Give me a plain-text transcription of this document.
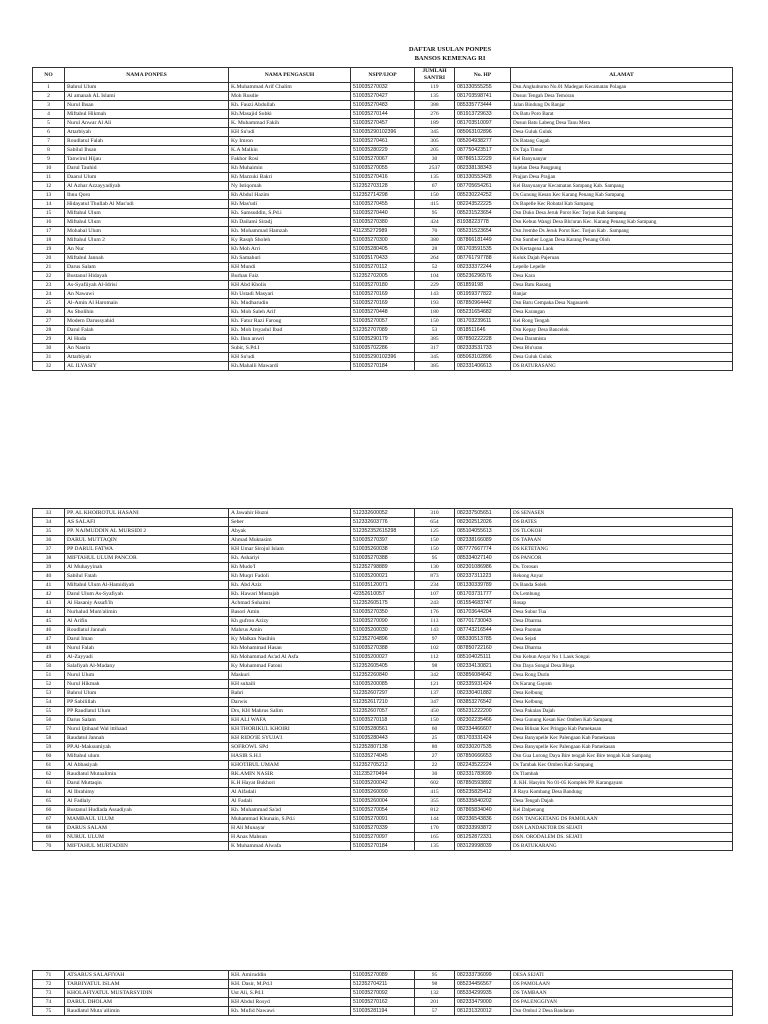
DAFTAR USULAN PONPES
BANSOS KEMENAG RI
NO	NAMA PONPES	NAMA PENGASUH	NSPP/IJOP	JUMLAH SANTRI	No. HP	ALAMAT
1	Bahrul Ulum	K.Muhammad Arif Chalim	510035270032	119	081330555255	Dsn.Angkuburno No.01 Madegan Kecamatan Polagan
2	Al amanah AL Islami	Moh Rusdie	510035270427	135	081703598741	Dusun Tengah Desa Temoran
3	Nurul Ihsan	Kh. Fauzi Abdullah	510035270483	388	085335773444	Jalan Bindung Ds Banjar
4	Miftahul Hikmah	Kh.Masajid Subki	510035270144	276	081913729633	Ds Batu Poro Barat
5	Nurul Anwar Al Ali	K. Muhammad Fakih	510035270457	189	081703510097	Dusun Batu Labeng Desa Tanu Mera
6	Attarbiyah	KH Su'udi	510035290102396	345	085063102896	Desa Guluk Guluk
7	Roudlatul Falah	Ky Imron	510035270461	305	085204938277	Ds Batang Gagah
8	Sabilul Ihsan	K.A Malkin	510035280229	205	087750423517	Ds Taja Timur
9	Tanwirul Hijau	Fakhor Rosi	510035270067	30	087865132229	Kel Banyuanyar
10	Darul Tauhid	Kh Muhaimin	510035270055	2537	082338138343	Injelan Desa Pangpung
11	Daarul Ulum	Kh Marzuki Bakri	510035270416	135	081330553428	Prajjan Desa Prajjan
12	Al Azhar Azzayyadiyah	Ny Istiqomah	512352703128	67	087705654261	Kel Banyuanyar Kecamatan Sampang Kab. Sampang
13	Ihnu Qoro	Kh Abdul Hazim	512352714298	150	085230224252	Ds Gunung Kesan Kec Karang Penang Kab Sampang
14	Hidayatul Thullab Al Mas'udi	Kh Mas'udi	510035270455	415	082243522225	Ds Bapelle Kec Robatal Kab Sampang
15	Miftahul Ulum	Kh. Samsuddin, S.Pd.i	510035270440	95	085231523654	Dsn Duko Desa Jeruk Porot Kec Torjun Kab Sampang
16	Miftahul Ulum	Kh Dailami Siradj	510035270380	424	81938223778	Dsn Kebun Wangi Desa Blu'uran Kec. Karang Penang Kab Sampang
17	Mohabal Ulum	Kh. Mohammad Hamzah	411235272989	70	085231523654	Dsn Jrembe Ds Jeruk Porot Kec. Torjun Kab . Sampang
18	Miftahul Ulum 2	Ky Rasqh Sholeh	510035270300	380	087866181449	Dsn Sumber Logan Desa Karang Penang Oloh
19	An Nur	Kh Moh Arri	510035280405	28	081703591535	Ds Kertagena Laok
20	Miftahul Jannah	Kh Samahuri	510035170433	264	087761797788	Kolok Dajah Pajeruan
21	Darus Salam	KH Mundi	510035270112	52	082333372244	Lepelle Lepelle
22	Bustanul Hidayah	Burhan Faiz	512352702005	104	085236296576	Desa Kara
23	As-Syafiiyah Al-Idrisi	KH Abd Kholis	510035270180	229	081859198	Desa Batu Rasang
24	An Nawawi	Kh Ustadi Masyari	510035270169	143	081959377822	Banjar
25	Al-Amin Al Haromain	Kh. Mudharudin	510035270169	193	087850964442	Dsn Baru Cempaka Desa Nagasareh
26	As Sholihin	Kh. Moh Saleh Arif	510035270448	180	085231654682	Desa Karangan
27	Modern Darussyahid	Kh. Fatur Razi Faroug	510035270057	150	081703239611	Kel Rong Tengah
28	Darul Falah	Kh. Moh Irsyadul Ibad	512352707089	53	0818511646	Dsn Kepay Desa Bancelok
29	Al Huda	Kh. Ihsn anwri	510035290179	385	087850222228	Desa Daramista
30	An Nasrin	Subir, S.Pd.I	510035702286	317	082333531733	Desa Blu'uran
31	Attarbiyah	KH Su'udi	510035290102396	345	085063102896	Desa Guluk Guluk
32	AL ILYASIY	Kh.Mahalli Mawardi	510035270184	385	082331406613	DS BATURASANG
33	PP. AL KHOIROTUL HASANI	A Jawahir Huzni	512332600052	310	082337505651	DS SENASEN
34	AS SALAFI	Seber	512332603776	654	082302512026	DS BATES
35	PP. NAJMUDDIN AL MURSIDI 2	Abyak	512352352615298	125	085104055613	DS TLOKOH
36	DARUL MUTTAQIN	Ahmad Muktasim	510035270397	150	082338166089	DS TAPAAN
37	PP DARUL FATWA	KH Umar Sirojul Islam	510035260038	150	087777667774	DS KETETANG
38	MIFTAHUL ULUM PANCOR	Kh. Ashariyi	510035270388	95	085334027140	DS PANCOR
39	Al Muhayyinah	Kh Mudo'I	512352798889	130	082301086986	Ds. Torosan
40	Sabilul Fatah	Kh Muqri Fadoli	510035200021	873	082337311223	Rekong Anyar
41	Miftahul Ulum Al-Hamidiyah	Kh. Abd Aziz	510035120071	234	081330339789	Ds Banda Soleh
42	Darul Ulum As-Syafiyah	Kh. Hawari Mustajab	42352610057	107	081703731777	Ds Lembung
43	Al Hasaniy Assafi'ih	Achmad Suhaimi	512352605175	243	081554683747	Rosap
44	Nurhalud Mum'alimin	Basori Amin	510035270350	176	081703644204	Desa Subur Tua
45	Al Arifin	Kh gufron Azizy	510035270090	113	087701730043	Desa Dharma
46	Roudlatul Jannah	Mahrus Amin	510035200030	143	087743216544	Desa Paoman
47	Darul Iman	Ky Malkan Nasihin	512352704896	97	085330513785	Desa Sejati
48	Nurul Falah	Kh Mohammad Hasan	510035270388	102	087850722160	Desa Dharma
49	Al-Zayyadi	Kh Mohammad As'ad Al Asfa	510035200027	112	085104025111	Dsn Kebun Anyar No 1 Laok Songai
50	Salafiyah Al-Madany	Ky Muhammad Fatoni	512352605405	98	082334130821	Dsn Daya Songai Desa Blega
51	Nurul Ulum	Maskuri	512352260840	342	083856084642	Desa Rong Durin
52	Nurul Hikmah	KH suhaili	510035200085	121	082335931424	Ds Karang Gayam
53	Bahrul Ulum	Bahri	512352607297	137	082330401882	Desa Kelbung
54	PP Sabilillah	Darwis	512352617210	347	083853276542	Desa Kelbung
55	PP Raudlatul Ulum	Drs, KH Mahrus Salim	512352607057	450	085231222200	Desa Pakalan Dajah
56	Darus Salam	KH ALI WAFA	510035270118	150	082302235466	Desa Gunung Kesan Kec Omben Kab Sampang
57	Nurul Ijtihaad Wal ittihaad	KH THORIKUL KHOIRI	510035280561	60	082334466607	Desa Bilisan Kec Pringpo Kab Pamekasan
58	Raudatul Jannah	KH RIDO'IE SYUJA'I	510035280443	25	081703331424	Desa Banyupelle Kec Palengaan Kab Pamekasan
59	PP.Al-Maksumiyah	SOFROWI. SPd	512352807138	80	082330207535	Desa Banyupelle Kec Palengaan Kab Pamekasan
60	Miftahul ulum	HASIR S.H.I	510335274045	27	087850666653	Dsn Gua Lorong Daya Bire tengah Kec Bire tengah Kab Sampang
61	Al Abbasiyah	KHOTIBUL UMAM	512352705212	22	082243522224	Ds Tambak Kec Omben Kab Sampang
62	Raudlatul Mutaalimin	RK.AMIN NASIR	311235270494	30	082331783699	Ds Tlambah
63	Darul Muttaqin	K.H Hayat Bukhori	510035200042	602	087850593892	Jl. KH. Hasyim No 01-05 Komplek PP. Karangayam
64	Al Ibrahimy	Al Alfadali	510035260090	415	085235825412	Jl Raya Kombang Desa Bandung
65	Al Fadlaly	Al Fadali	510035260004	355	085335840202	Desa Tengah Dajah
66	Bustanul Hudlada Assadiyah	Kh. Muhammad Sa'ad	510035270054	812	087865834040	Kel Dalpenang
67	MAMBAUL ULUM	Muhammad Khunain, S.Pd.i	510035270091	144	082336543836	DSN TANGKETANG DS PAMOLAAN
68	DARUS SALAM	H Ali Munayar	510035270339	170	082333993872	DSN LANDAKTOR DS SEJATI
69	NURUL ULUM	H Anas Mahsun	510035270097	165	081252872331	DSN. ORODALEM DS. SEJATI
70	MIFTAHUL MURTADIIN	K Muhammad Alwafa	510035270184	135	083129998039	DS BATUKARANG
71	ATSARUS SALAFIYAH	KH. Amiruddin	510035270089	95	082333736099	DESA SEJATI
72	TARBIYATUL ISLAM	KH. Dasir, M.Pd.I	512352704211	98	085234456567	DS PAMOLAAN
73	KHOLAFIYATUL MUSTARSYIDIN	Ust Ali, S.Pd.I	510035270092	132	085334299935	DS TAMBAAN
74	DARUL DHOLAM	KH Abdul Rosyd	510035270162	201	082333479000	DS PALENGGIYAN
75	Raudlatul Mutaʿallimin	Kh. Mufid Nawawi	510035281194	57	081231320012	Dsn Ombul 2 Desa Bandaran
